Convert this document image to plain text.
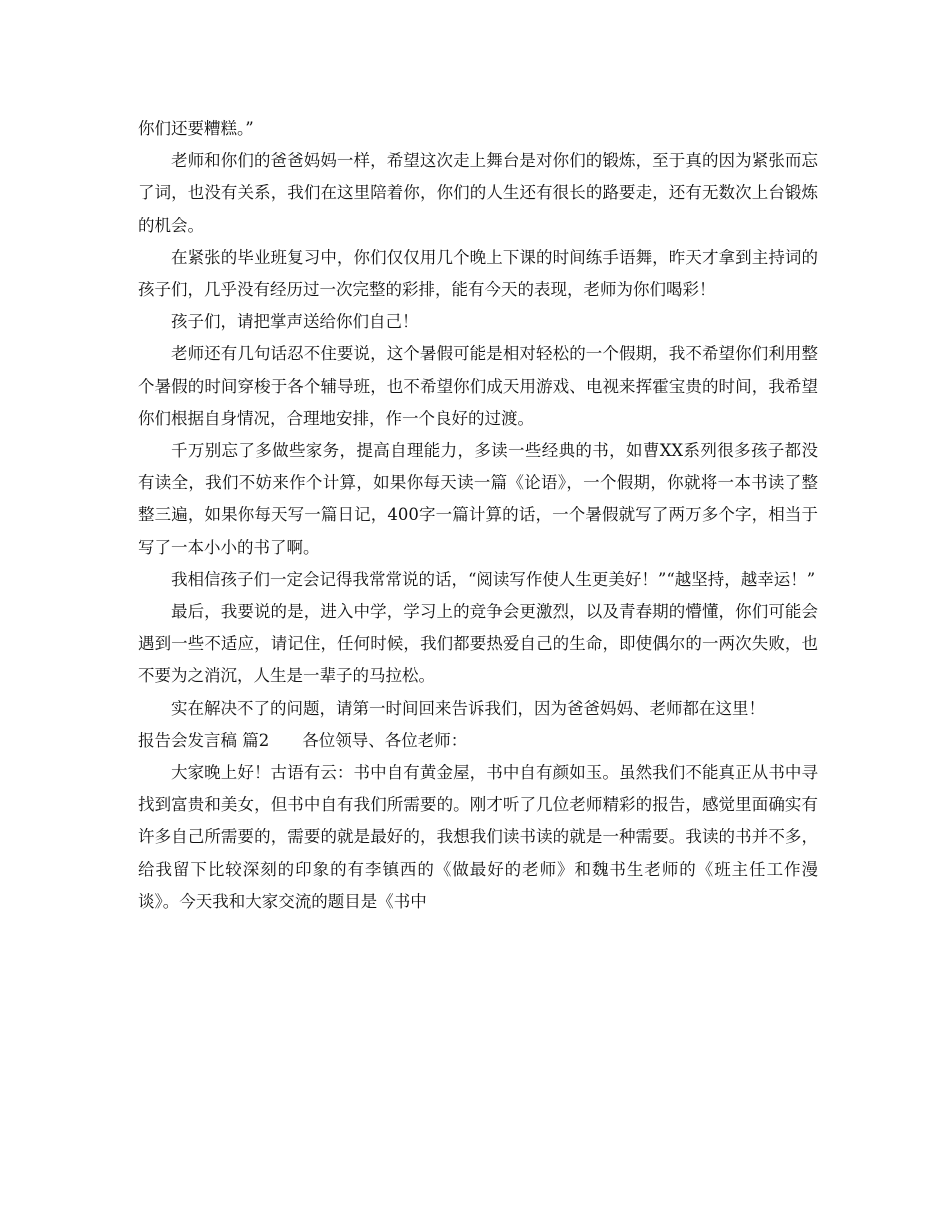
你们还要糟糕。”

老师和你们的爸爸妈妈一样，希望这次走上舞台是对你们的锻炼，至于真的因为紧张而忘了词，也没有关系，我们在这里陪着你，你们的人生还有很长的路要走，还有无数次上台锻炼的机会。

在紧张的毕业班复习中，你们仅仅用几个晚上下课的时间练手语舞，昨天才拿到主持词的孩子们，几乎没有经历过一次完整的彩排，能有今天的表现，老师为你们喝彩！

孩子们，请把掌声送给你们自己！

老师还有几句话忍不住要说，这个暑假可能是相对轻松的一个假期，我不希望你们利用整个暑假的时间穿梭于各个辅导班，也不希望你们成天用游戏、电视来挥霍宝贵的时间，我希望你们根据自身情况，合理地安排，作一个良好的过渡。

千万别忘了多做些家务，提高自理能力，多读一些经典的书，如曹XX系列很多孩子都没有读全，我们不妨来作个计算，如果你每天读一篇《论语》，一个假期，你就将一本书读了整整三遍，如果你每天写一篇日记，400字一篇计算的话，一个暑假就写了两万多个字，相当于写了一本小小的书了啊。

我相信孩子们一定会记得我常常说的话，“阅读写作使人生更美好！”“越坚持，越幸运！”

最后，我要说的是，进入中学，学习上的竞争会更激烈，以及青春期的懵懂，你们可能会遇到一些不适应，请记住，任何时候，我们都要热爱自己的生命，即使偶尔的一两次失败，也不要为之消沉，人生是一辈子的马拉松。

实在解决不了的问题，请第一时间回来告诉我们，因为爸爸妈妈、老师都在这里！

报告会发言稿 篇2　　各位领导、各位老师：

大家晚上好！古语有云：书中自有黄金屋，书中自有颜如玉。虽然我们不能真正从书中寻找到富贵和美女，但书中自有我们所需要的。刚才听了几位老师精彩的报告，感觉里面确实有许多自己所需要的，需要的就是最好的，我想我们读书读的就是一种需要。我读的书并不多，给我留下比较深刻的印象的有李镇西的《做最好的老师》和魏书生老师的《班主任工作漫谈》。今天我和大家交流的题目是《书中
